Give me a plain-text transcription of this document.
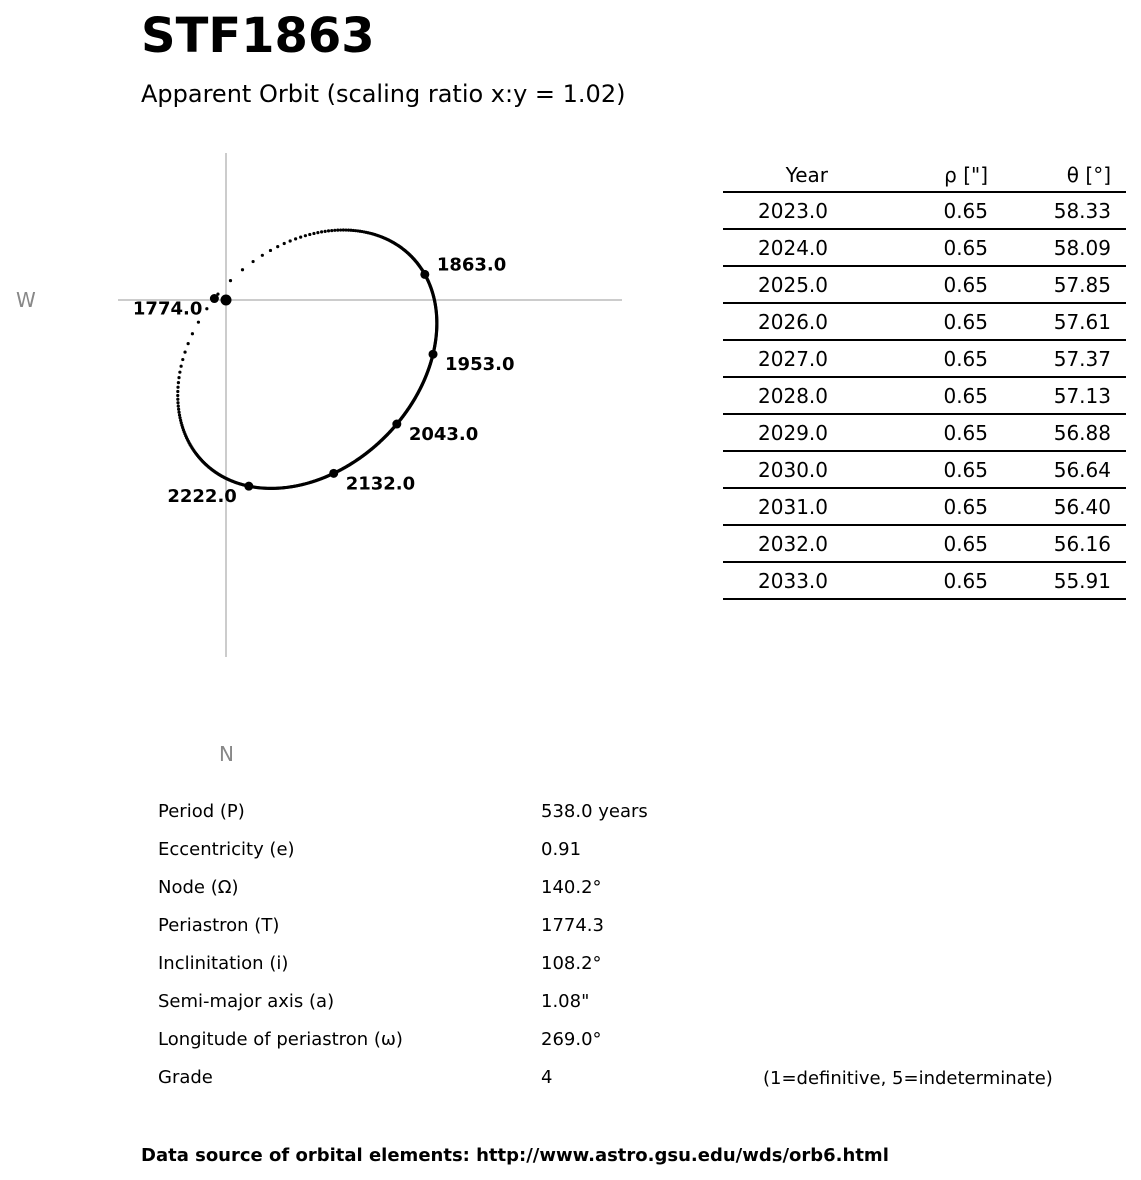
STF1863
Apparent Orbit (scaling ratio x:y = 1.02)
1774.0
1863.0
1953.0
2043.0
2132.0
2222.0
W
N
Year	ρ ["]	θ [°]
2023.0	0.65	58.33
2024.0	0.65	58.09
2025.0	0.65	57.85
2026.0	0.65	57.61
2027.0	0.65	57.37
2028.0	0.65	57.13
2029.0	0.65	56.88
2030.0	0.65	56.64
2031.0	0.65	56.40
2032.0	0.65	56.16
2033.0	0.65	55.91
Period (P)	538.0 years
Eccentricity (e)	0.91
Node (Ω)	140.2°
Periastron (T)	1774.3
Inclinitation (i)	108.2°
Semi-major axis (a)	1.08"
Longitude of periastron (ω)	269.0°
Grade	4	(1=definitive, 5=indeterminate)
Data source of orbital elements: http://www.astro.gsu.edu/wds/orb6.html
